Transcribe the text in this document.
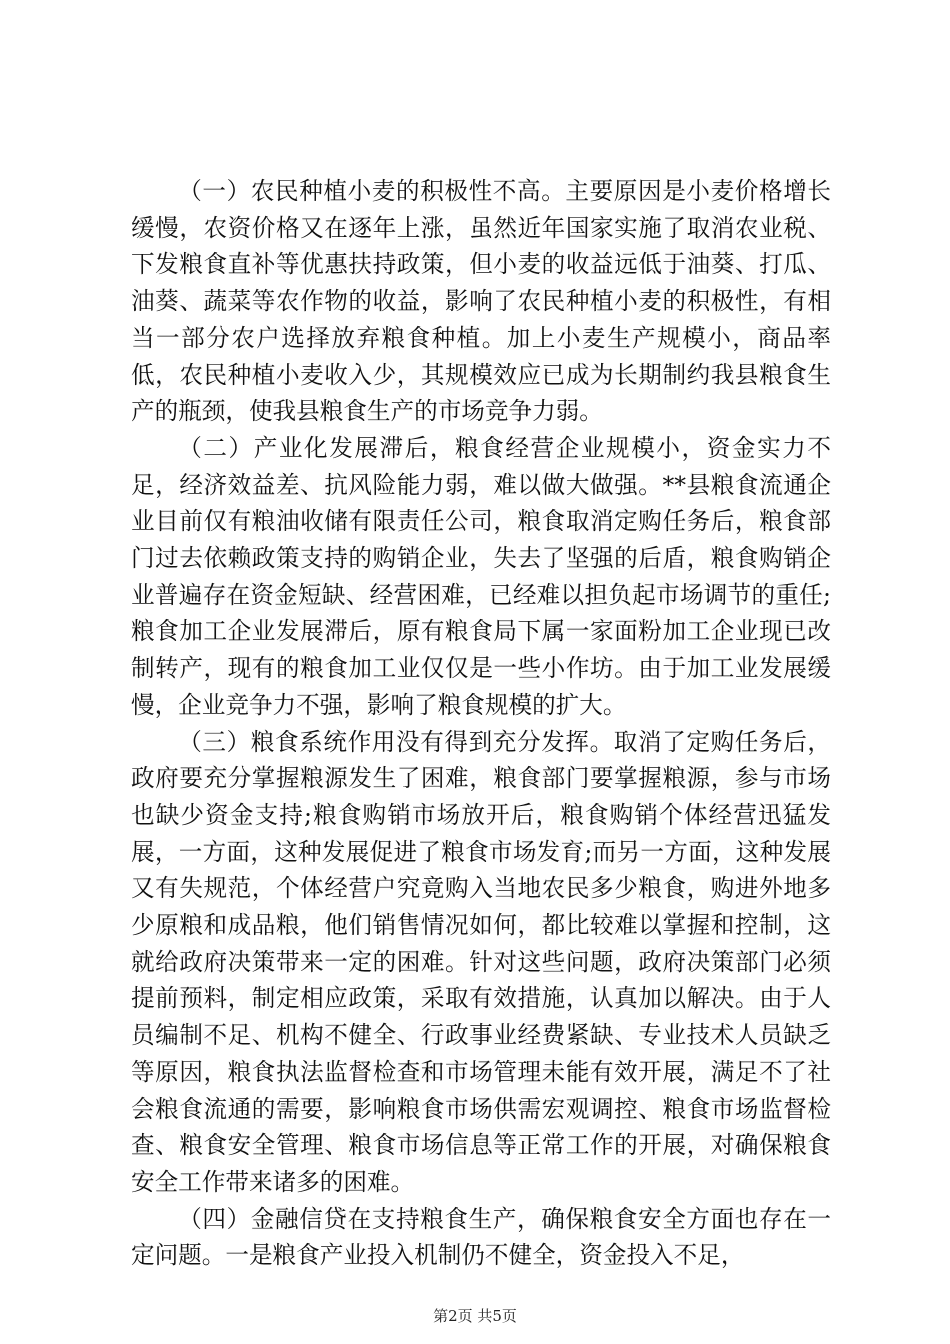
（一）农民种植小麦的积极性不高。主要原因是小麦价格增长缓慢，农资价格又在逐年上涨，虽然近年国家实施了取消农业税、下发粮食直补等优惠扶持政策，但小麦的收益远低于油葵、打瓜、油葵、蔬菜等农作物的收益，影响了农民种植小麦的积极性，有相当一部分农户选择放弃粮食种植。加上小麦生产规模小，商品率低，农民种植小麦收入少，其规模效应已成为长期制约我县粮食生产的瓶颈，使我县粮食生产的市场竞争力弱。

（二）产业化发展滞后，粮食经营企业规模小，资金实力不足，经济效益差、抗风险能力弱，难以做大做强。**县粮食流通企业目前仅有粮油收储有限责任公司，粮食取消定购任务后，粮食部门过去依赖政策支持的购销企业，失去了坚强的后盾，粮食购销企业普遍存在资金短缺、经营困难，已经难以担负起市场调节的重任;粮食加工企业发展滞后，原有粮食局下属一家面粉加工企业现已改制转产，现有的粮食加工业仅仅是一些小作坊。由于加工业发展缓慢，企业竞争力不强，影响了粮食规模的扩大。

（三）粮食系统作用没有得到充分发挥。取消了定购任务后，政府要充分掌握粮源发生了困难，粮食部门要掌握粮源，参与市场也缺少资金支持;粮食购销市场放开后，粮食购销个体经营迅猛发展，一方面，这种发展促进了粮食市场发育;而另一方面，这种发展又有失规范，个体经营户究竟购入当地农民多少粮食，购进外地多少原粮和成品粮，他们销售情况如何，都比较难以掌握和控制，这就给政府决策带来一定的困难。针对这些问题，政府决策部门必须提前预料，制定相应政策，采取有效措施，认真加以解决。由于人员编制不足、机构不健全、行政事业经费紧缺、专业技术人员缺乏等原因，粮食执法监督检查和市场管理未能有效开展，满足不了社会粮食流通的需要，影响粮食市场供需宏观调控、粮食市场监督检查、粮食安全管理、粮食市场信息等正常工作的开展，对确保粮食安全工作带来诸多的困难。

（四）金融信贷在支持粮食生产，确保粮食安全方面也存在一定问题。一是粮食产业投入机制仍不健全，资金投入不足，

第2页 共5页
